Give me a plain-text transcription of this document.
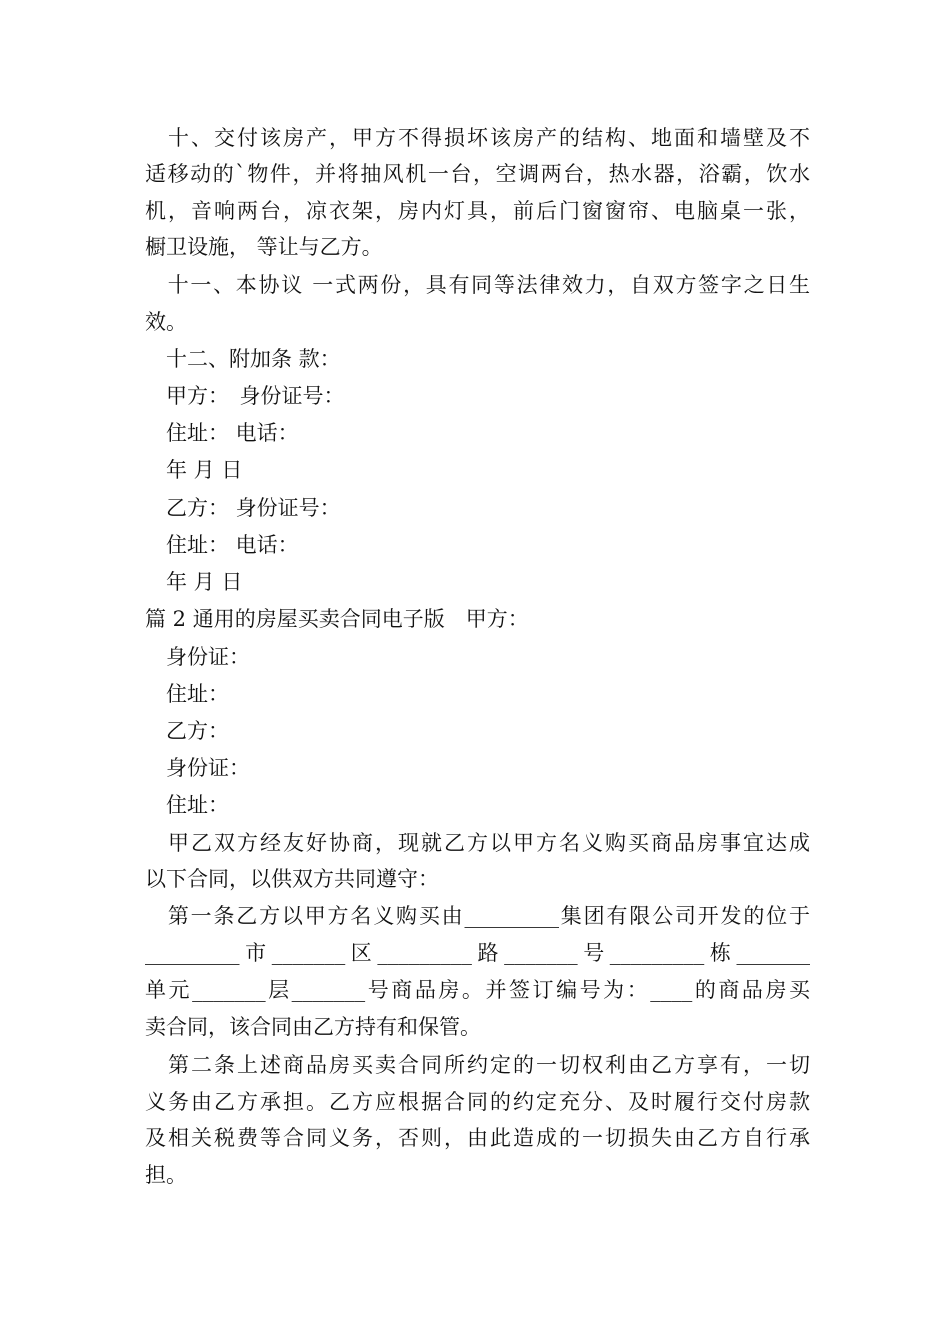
　十、交付该房产，甲方不得损坏该房产的结构、地面和墙壁及不
适移动的`物件，并将抽风机一台，空调两台，热水器，浴霸，饮水
机，音响两台，凉衣架，房内灯具，前后门窗窗帘、电脑桌一张，
橱卫设施， 等让与乙方。
　十一、本协议 一式两份，具有同等法律效力，自双方签字之日生
效。
　十二、附加条 款：
　甲方：　身份证号：
　住址： 电话：
　年 月 日
　乙方： 身份证号：
　住址： 电话：
　年 月 日
篇 2 通用的房屋买卖合同电子版　甲方：
　身份证：
　住址：
　乙方：
　身份证：
　住址：
　甲乙双方经友好协商，现就乙方以甲方名义购买商品房事宜达成
以下合同，以供双方共同遵守：
　第一条乙方以甲方名义购买由_________集团有限公司开发的位于
_________市_______区_________路_______号_________栋_______
单元_______层_______号商品房。并签订编号为：____的商品房买
卖合同，该合同由乙方持有和保管。
　第二条上述商品房买卖合同所约定的一切权利由乙方享有，一切
义务由乙方承担。乙方应根据合同的约定充分、及时履行交付房款
及相关税费等合同义务，否则，由此造成的一切损失由乙方自行承
担。
